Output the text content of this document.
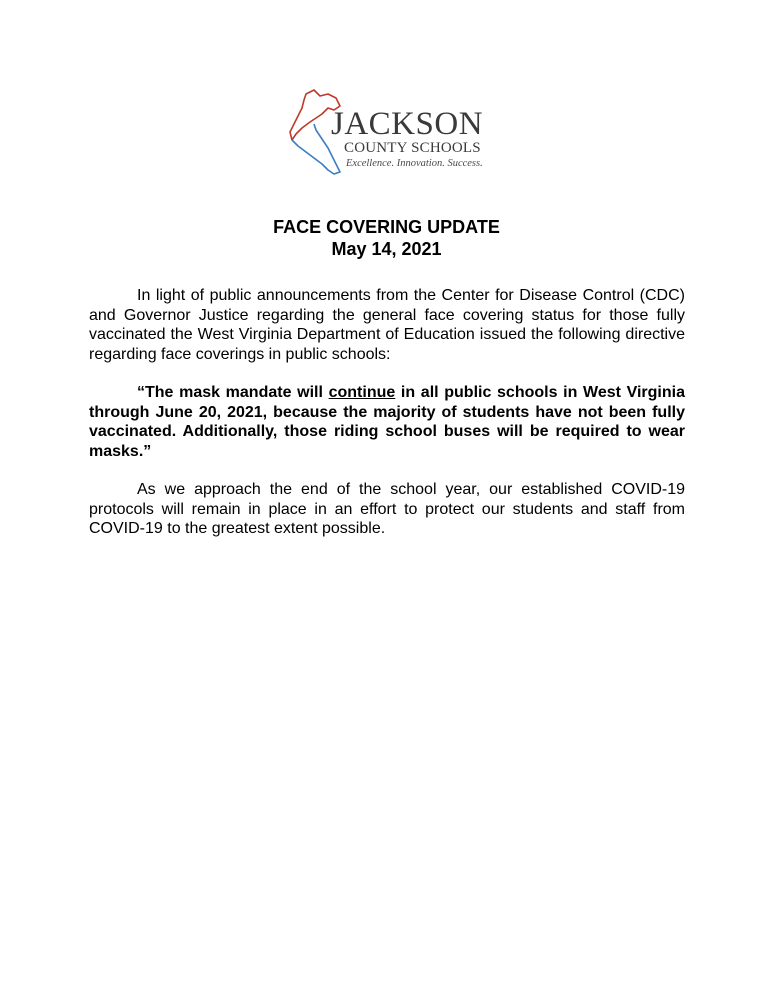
JACKSON
COUNTY SCHOOLS
Excellence. Innovation. Success.
FACE COVERING UPDATE
May 14, 2021

In light of public announcements from the Center for Disease Control (CDC) and Governor Justice regarding the general face covering status for those fully vaccinated the West Virginia Department of Education issued the following directive regarding face coverings in public schools:

“The mask mandate will continue in all public schools in West Virginia through June 20, 2021, because the majority of students have not been fully vaccinated. Additionally, those riding school buses will be required to wear masks.”

As we approach the end of the school year, our established COVID-19 protocols will remain in place in an effort to protect our students and staff from COVID-19 to the greatest extent possible.
